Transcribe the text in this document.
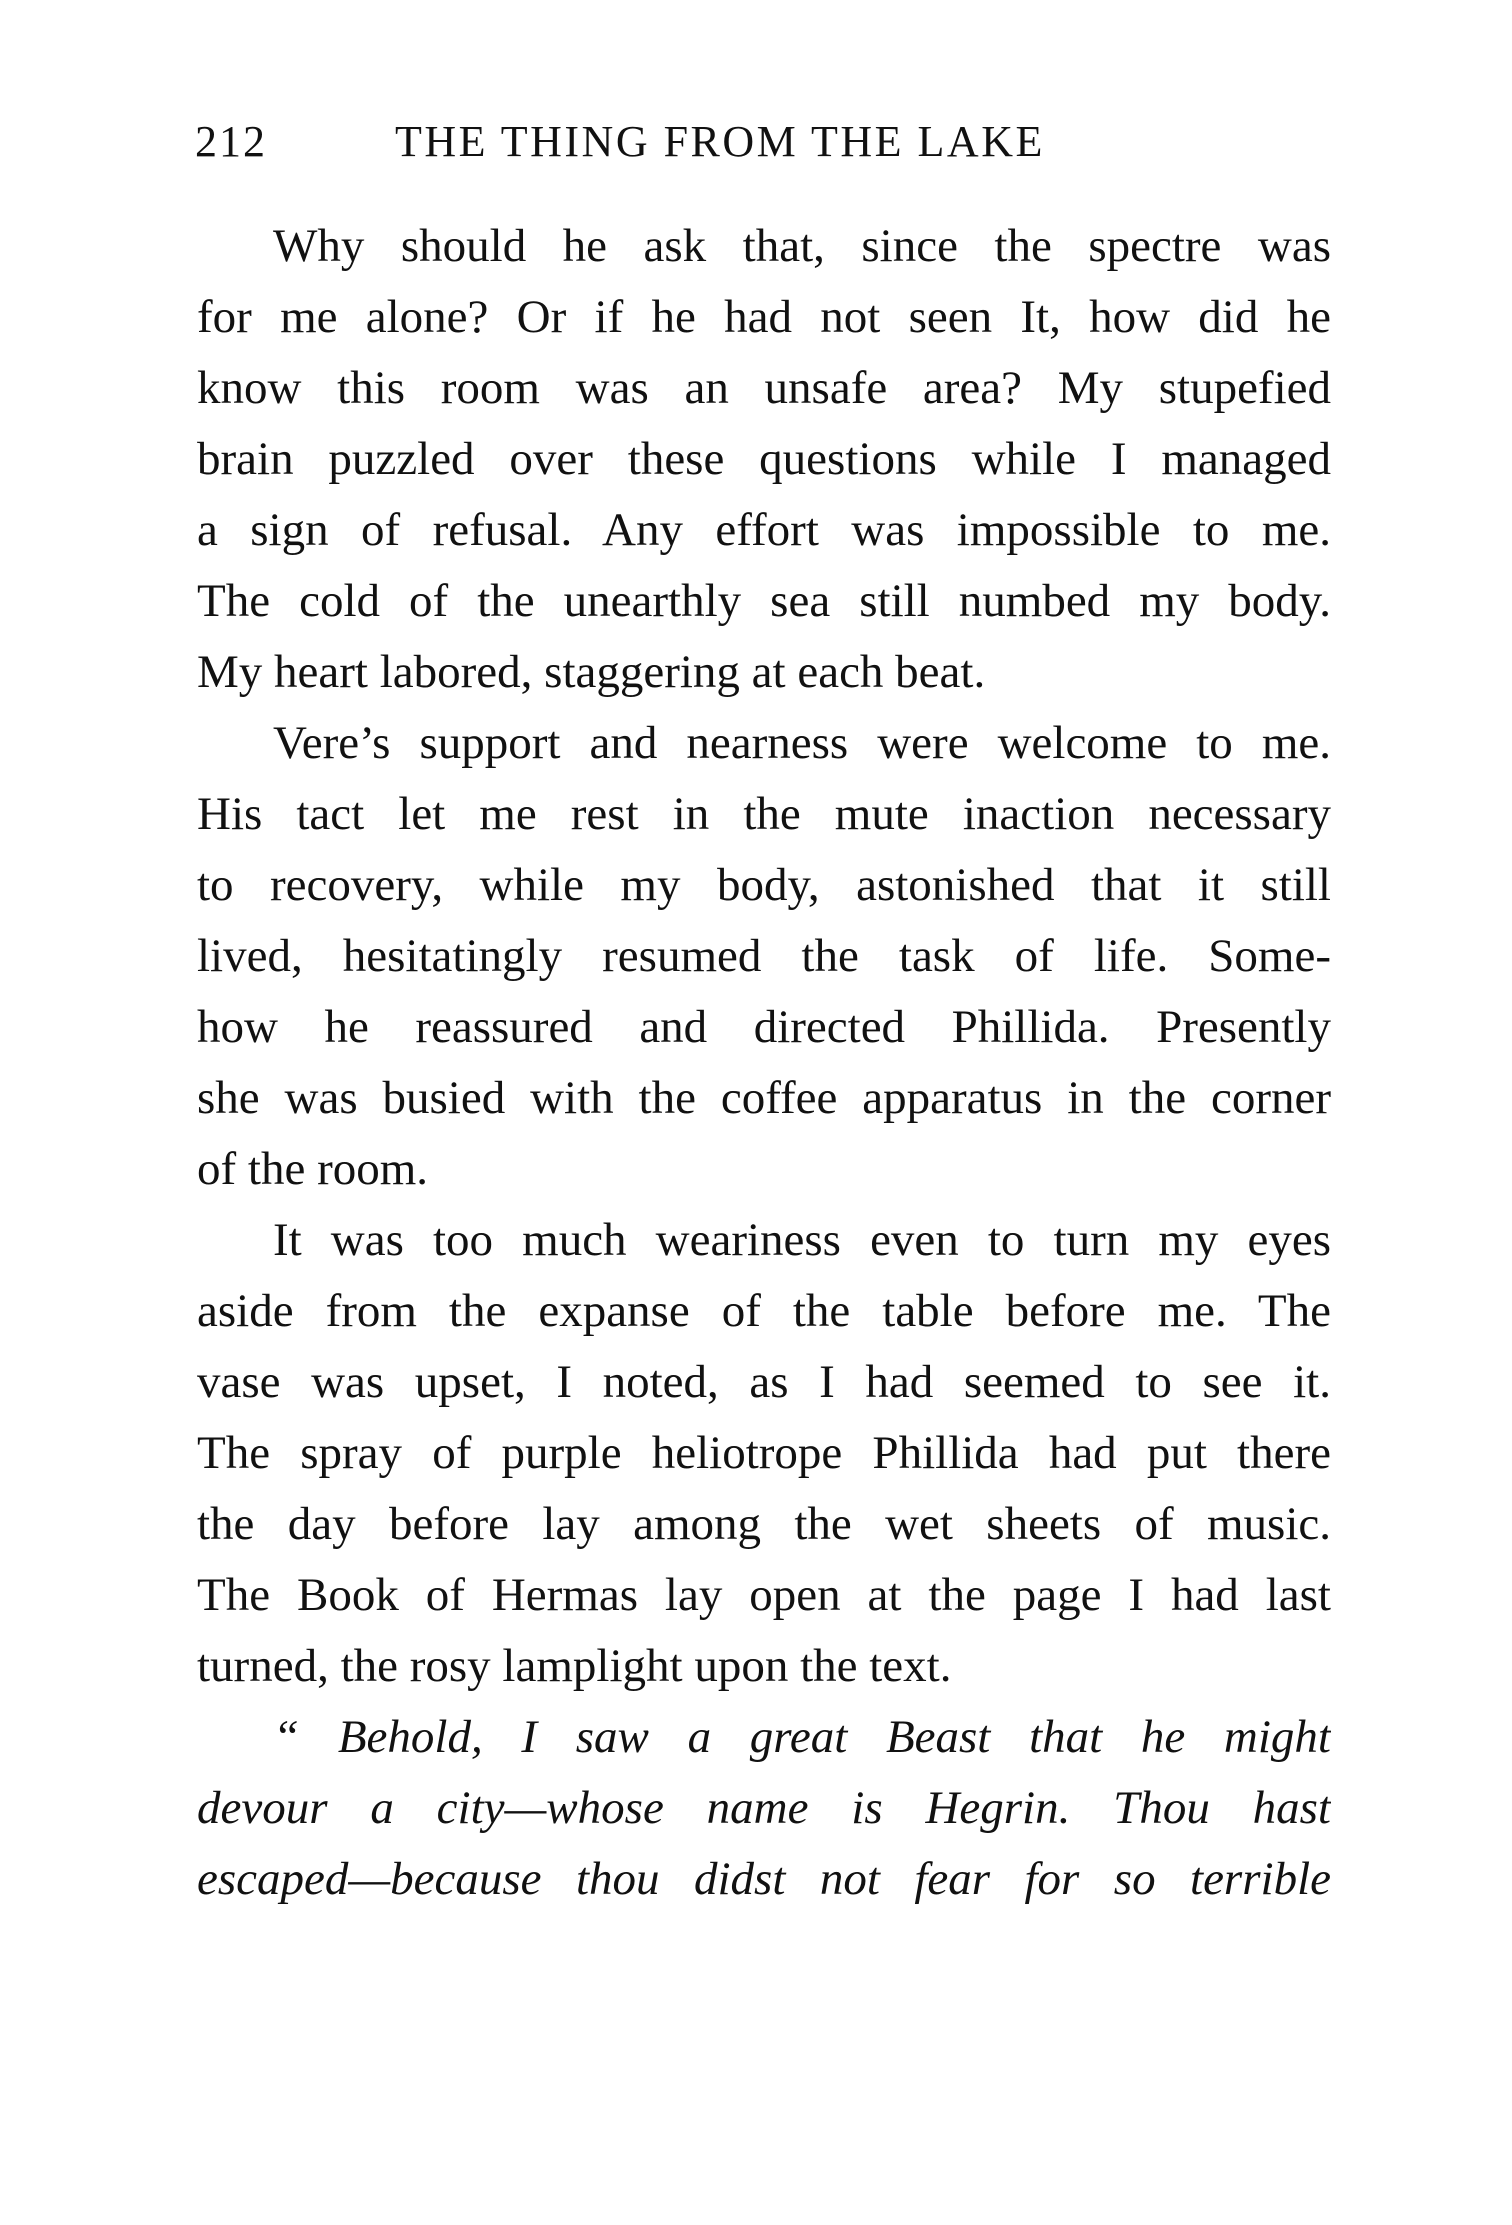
212	THE THING FROM THE LAKE
Why should he ask that, since the spectre was
for me alone? Or if he had not seen It, how did he
know this room was an unsafe area? My stupefied
brain puzzled over these questions while I managed
a sign of refusal. Any effort was impossible to me.
The cold of the unearthly sea still numbed my body.
My heart labored, staggering at each beat.
Vere’s support and nearness were welcome to me.
His tact let me rest in the mute inaction necessary
to recovery, while my body, astonished that it still
lived, hesitatingly resumed the task of life. Some-
how he reassured and directed Phillida. Presently
she was busied with the coffee apparatus in the corner
of the room.
It was too much weariness even to turn my eyes
aside from the expanse of the table before me. The
vase was upset, I noted, as I had seemed to see it.
The spray of purple heliotrope Phillida had put there
the day before lay among the wet sheets of music.
The Book of Hermas lay open at the page I had last
turned, the rosy lamplight upon the text.
“ Behold, I saw a great Beast that he might
devour a city—whose name is Hegrin. Thou hast
escaped—because thou didst not fear for so terrible
